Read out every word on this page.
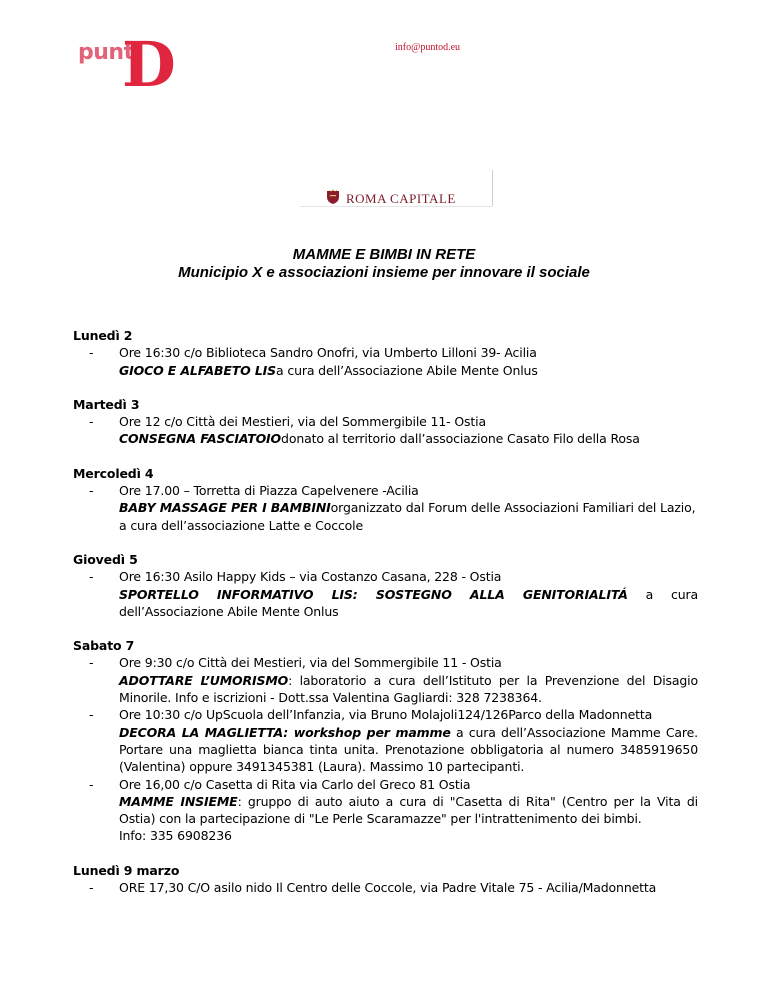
punt
D	info@puntod.eu
ROMA CAPITALE
MAMME E BIMBI IN RETE
Municipio X e associazioni insieme per innovare il sociale

Lunedì 2

- Ore 16:30 c/o Biblioteca Sandro Onofri, via Umberto Lilloni 39- Acilia
GIOCO E ALFABETO LISa cura dell’Associazione Abile Mente Onlus

Martedì 3

- Ore 12 c/o Città dei Mestieri, via del Sommergibile 11- Ostia
CONSEGNA FASCIATOIOdonato al territorio dall’associazione Casato Filo della Rosa

Mercoledì 4

- Ore 17.00 – Torretta di Piazza Capelvenere -Acilia
BABY MASSAGE PER I BAMBINIorganizzato dal Forum delle Associazioni Familiari del Lazio, a cura dell’associazione Latte e Coccole

Giovedì 5

- Ore 16:30 Asilo Happy Kids – via Costanzo Casana, 228 - Ostia
SPORTELLO INFORMATIVO LIS: SOSTEGNO ALLA GENITORIALITÁ a cura dell’Associazione Abile Mente Onlus

Sabato 7

- Ore 9:30 c/o Città dei Mestieri, via del Sommergibile 11 - Ostia
ADOTTARE L’UMORISMO: laboratorio a cura dell’Istituto per la Prevenzione del Disagio Minorile. Info e iscrizioni - Dott.ssa Valentina Gagliardi: 328 7238364.
- Ore 10:30 c/o UpScuola dell’Infanzia, via Bruno Molajoli124/126Parco della Madonnetta
DECORA LA MAGLIETTA: workshop per mamme a cura dell’Associazione Mamme Care. Portare una maglietta bianca tinta unita. Prenotazione obbligatoria al numero 3485919650 (Valentina) oppure 3491345381 (Laura). Massimo 10 partecipanti.
- Ore 16,00 c/o Casetta di Rita via Carlo del Greco 81 Ostia
MAMME INSIEME: gruppo di auto aiuto a cura di "Casetta di Rita" (Centro per la Vita di Ostia) con la partecipazione di "Le Perle Scaramazze" per l'intrattenimento dei bimbi.
Info: 335 6908236

Lunedì 9 marzo

- ORE 17,30 C/O asilo nido Il Centro delle Coccole, via Padre Vitale 75 - Acilia/Madonnetta
